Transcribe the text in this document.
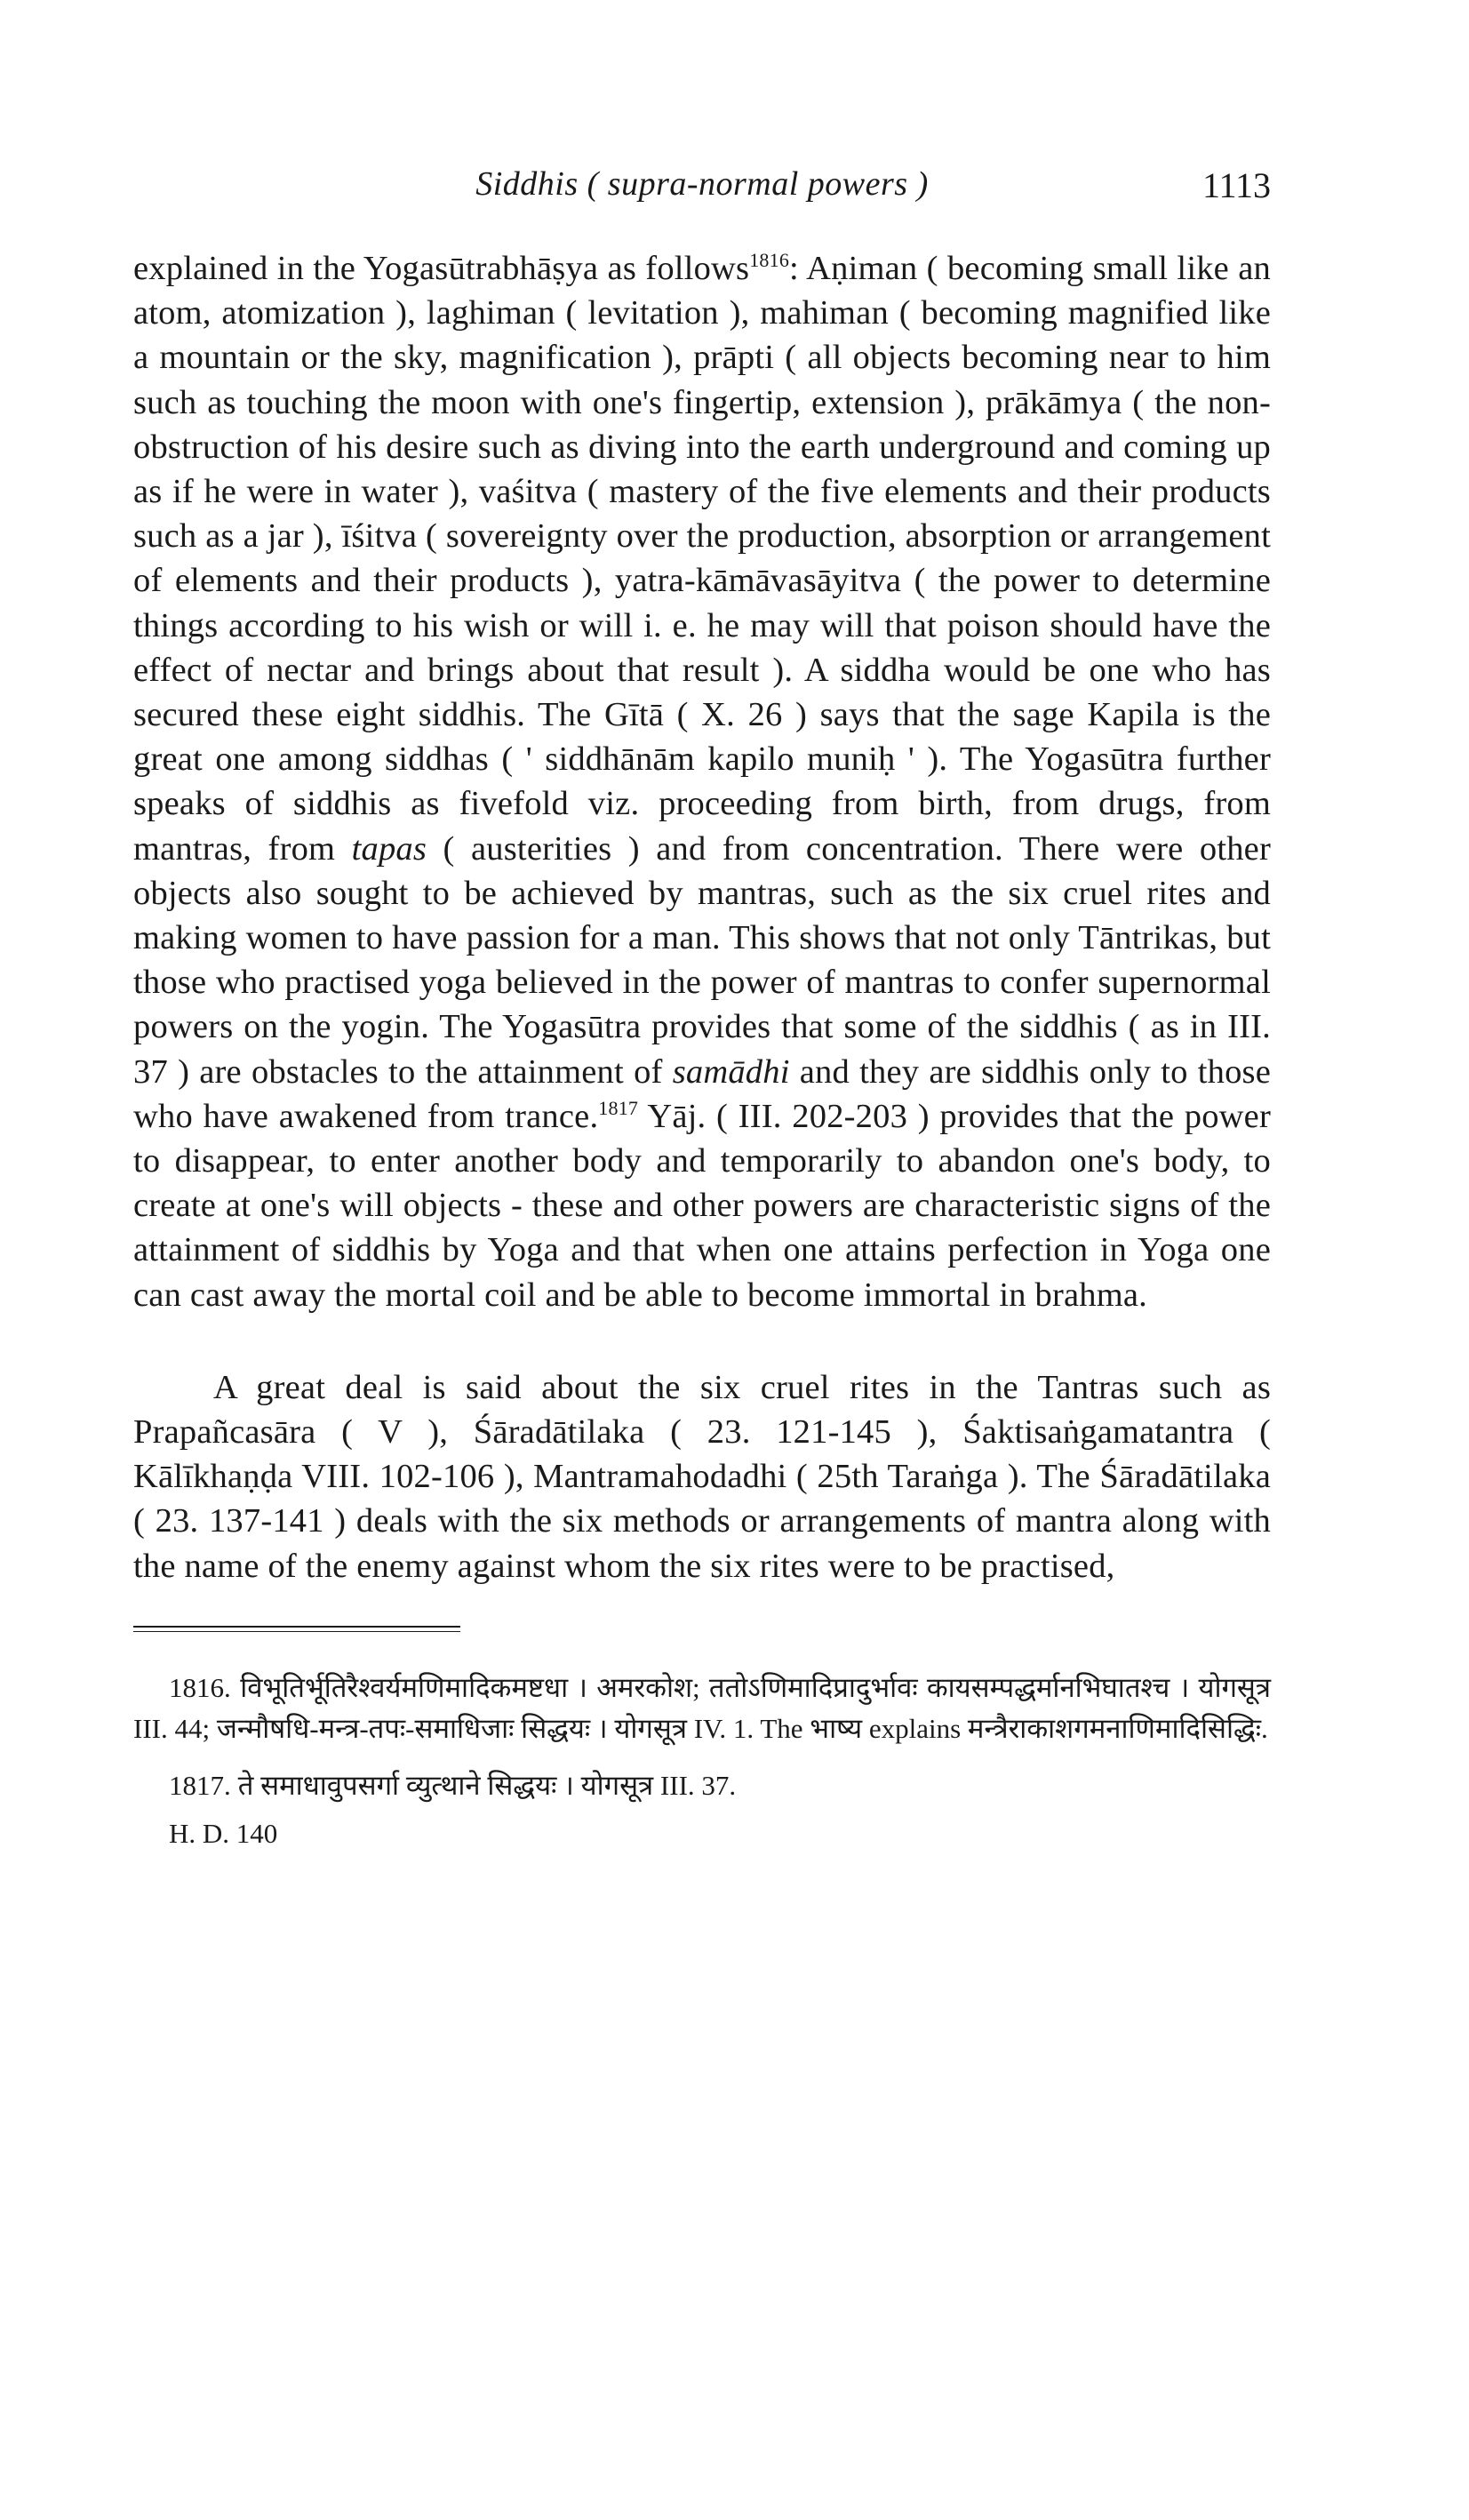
Siddhis ( supra-normal powers )	1113

explained in the Yogasūtrabhāṣya as follows$^{1816}$: Aṇiman ( becoming small like an atom, atomization ), laghiman ( levitation ), mahiman ( becoming magnified like a mountain or the sky, magnification ), prāpti ( all objects becoming near to him such as touching the moon with one's fingertip, extension ), prākāmya ( the non-obstruction of his desire such as diving into the earth underground and coming up as if he were in water ), vaśitva ( mastery of the five elements and their products such as a jar ), īśitva ( sovereignty over the production, absorption or arrangement of elements and their products ), yatra-kāmāvasāyitva ( the power to determine things according to his wish or will i. e. he may will that poison should have the effect of nectar and brings about that result ). A siddha would be one who has secured these eight siddhis. The Gītā ( X. 26 ) says that the sage Kapila is the great one among siddhas ( ' siddhānām kapilo muniḥ ' ). The Yogasūtra further speaks of siddhis as fivefold viz. proceeding from birth, from drugs, from mantras, from tapas ( austerities ) and from concentration. There were other objects also sought to be achieved by mantras, such as the six cruel rites and making women to have passion for a man. This shows that not only Tāntrikas, but those who practised yoga believed in the power of mantras to confer supernormal powers on the yogin. The Yogasūtra provides that some of the siddhis ( as in III. 37 ) are obstacles to the attainment of samādhi and they are siddhis only to those who have awakened from trance.$^{1817}$ Yāj. ( III. 202-203 ) provides that the power to disappear, to enter another body and temporarily to abandon one's body, to create at one's will objects - these and other powers are characteristic signs of the attainment of siddhis by Yoga and that when one attains perfection in Yoga one can cast away the mortal coil and be able to become immortal in brahma.

A great deal is said about the six cruel rites in the Tantras such as Prapañcasāra ( V ), Śāradātilaka ( 23. 121-145 ), Śaktisaṅgamatantra ( Kālīkhaṇḍa VIII. 102-106 ), Mantramahodadhi ( 25th Taraṅga ). The Śāradātilaka ( 23. 137-141 ) deals with the six methods or arrangements of mantra along with the name of the enemy against whom the six rites were to be practised,

1816. विभूतिर्भूतिरैश्वर्यमणिमादिकमष्टधा । अमरकोश; ततोऽणिमादिप्रादुर्भावः कायसम्पद्धर्मानभिघातश्च । योगसूत्र III. 44; जन्मौषधि-मन्त्र-तपः-समाधिजाः सिद्धयः । योगसूत्र IV. 1. The भाष्य explains मन्त्रैराकाशगमनाणिमादिसिद्धिः.

1817. ते समाधावुपसर्गा व्युत्थाने सिद्धयः । योगसूत्र III. 37.

H. D. 140
